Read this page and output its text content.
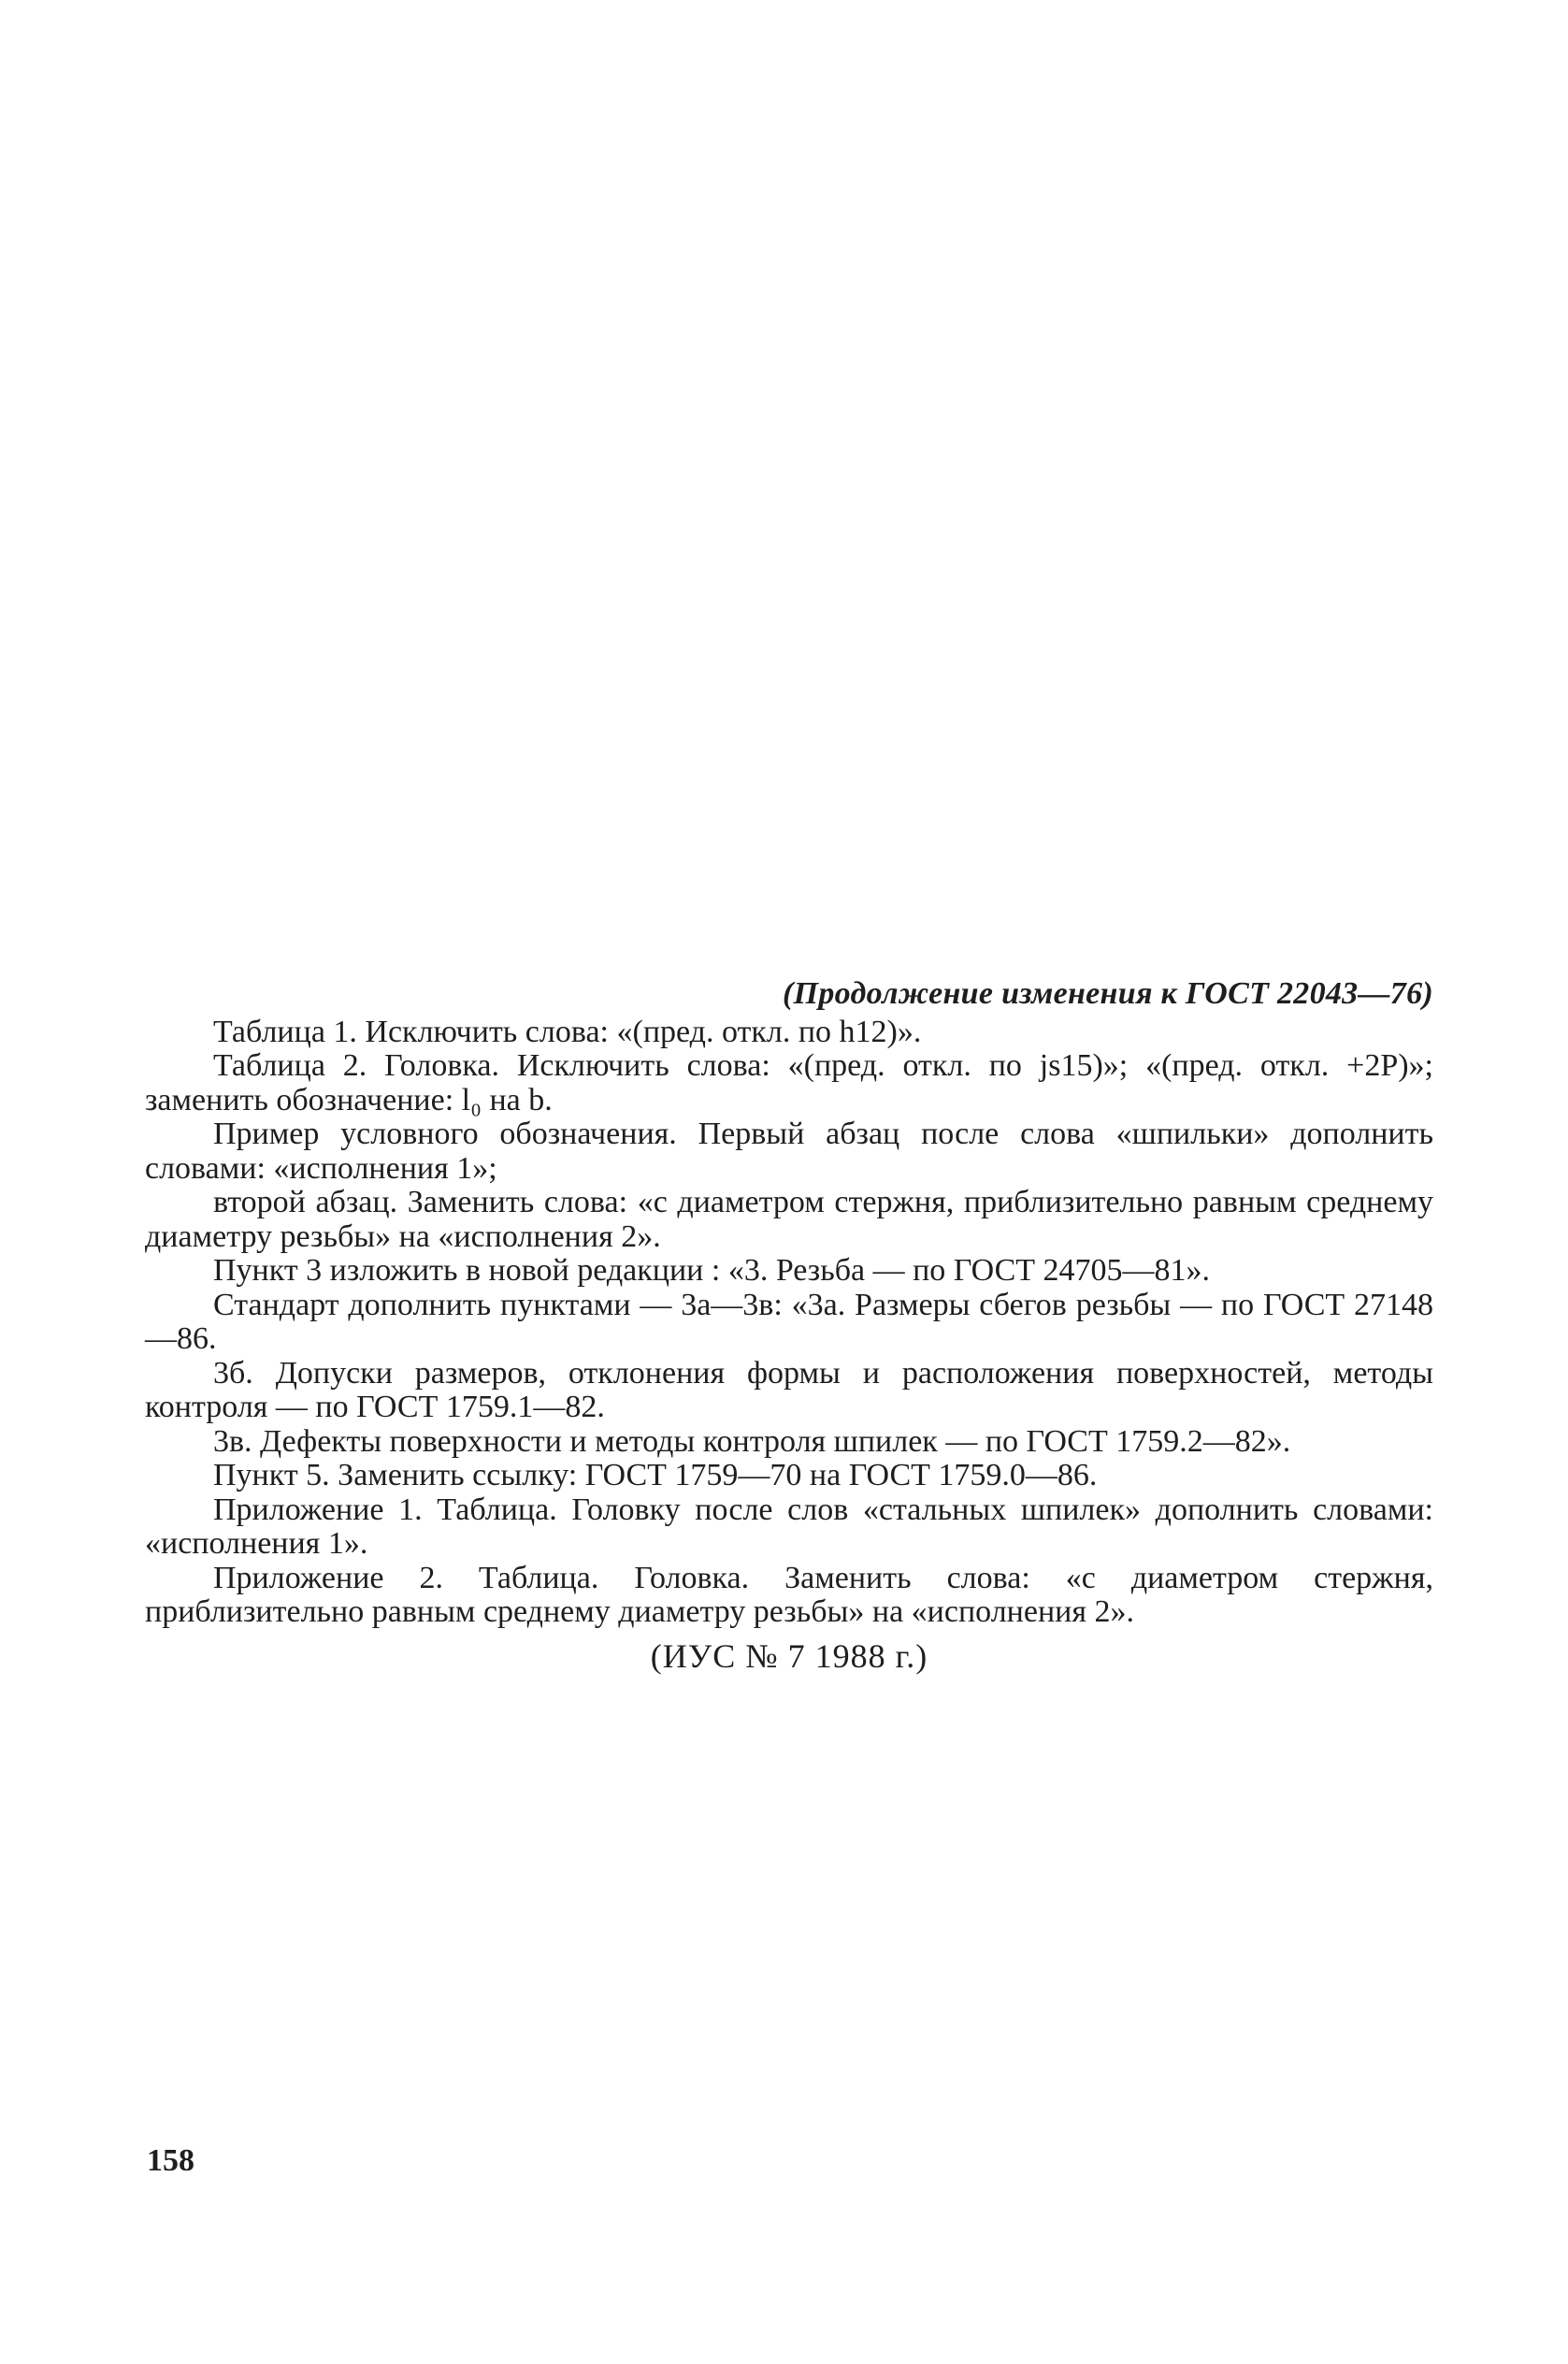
(Продолжение изменения к ГОСТ 22043—76)

Таблица 1. Исключить слова: «(пред. откл. по h12)».

Таблица 2. Головка. Исключить слова: «(пред. откл. по js15)»; «(пред. откл. +2P)»; заменить обозначение: l₀ на b.

Пример условного обозначения. Первый абзац после слова «шпильки» дополнить словами: «исполнения 1»;

второй абзац. Заменить слова: «с диаметром стержня, приблизительно равным среднему диаметру резьбы» на «исполнения 2».

Пункт 3 изложить в новой редакции : «3. Резьба — по ГОСТ 24705—81».

Стандарт дополнить пунктами — 3а—3в: «3а. Размеры сбегов резьбы — по ГОСТ 27148—86.

3б. Допуски размеров, отклонения формы и расположения поверхностей, методы контроля — по ГОСТ 1759.1—82.

3в. Дефекты поверхности и методы контроля шпилек — по ГОСТ 1759.2—82».

Пункт 5. Заменить ссылку: ГОСТ 1759—70 на ГОСТ 1759.0—86.

Приложение 1. Таблица. Головку после слов «стальных шпилек» дополнить словами: «исполнения 1».

Приложение 2. Таблица. Головка. Заменить слова: «с диаметром стержня, приблизительно равным среднему диаметру резьбы» на «исполнения 2».

(ИУС № 7 1988 г.)

158
